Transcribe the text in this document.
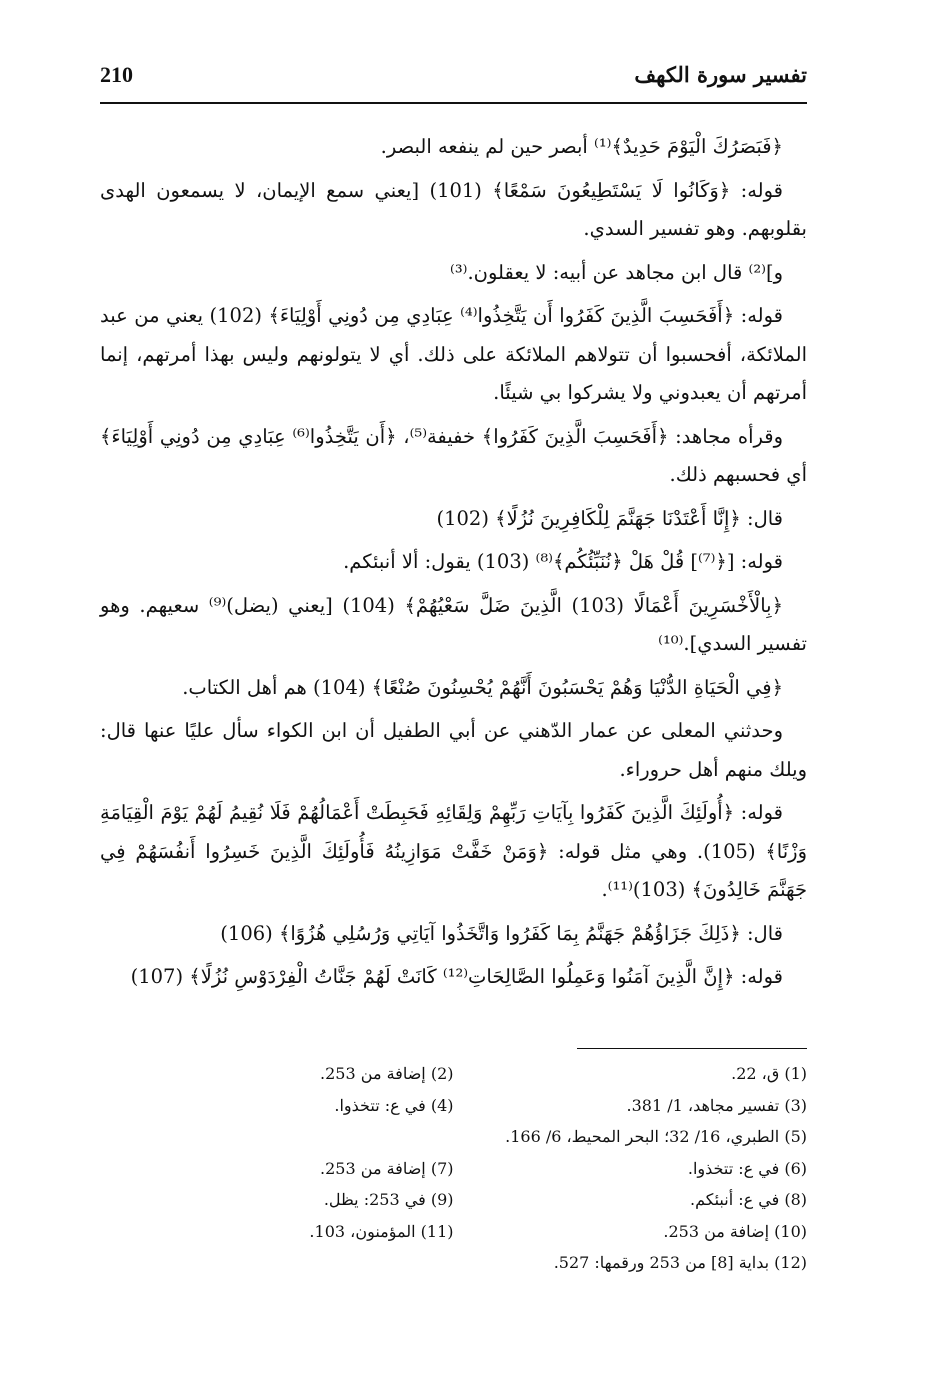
تفسير سورة الكهف
210

﴿فَبَصَرُكَ الْيَوْمَ حَدِيدٌ﴾⁽¹⁾ أبصر حين لم ينفعه البصر.

قوله: ﴿وَكَانُوا لَا يَسْتَطِيعُونَ سَمْعًا﴾ (101) [يعني سمع الإيمان، لا يسمعون الهدى بقلوبهم. وهو تفسير السدي.

و]⁽²⁾ قال ابن مجاهد عن أبيه: لا يعقلون.⁽³⁾

قوله: ﴿أَفَحَسِبَ الَّذِينَ كَفَرُوا أَن يَتَّخِذُوا⁽⁴⁾ عِبَادِي مِن دُونِي أَوْلِيَاءَ﴾ (102) يعني من عبد الملائكة، أفحسبوا أن تتولاهم الملائكة على ذلك. أي لا يتولونهم وليس بهذا أمرتهم، إنما أمرتهم أن يعبدوني ولا يشركوا بي شيئًا.

وقرأه مجاهد: ﴿أَفَحَسِبَ الَّذِينَ كَفَرُوا﴾ خفيفة⁽⁵⁾، ﴿أَن يَتَّخِذُوا⁽⁶⁾ عِبَادِي مِن دُونِي أَوْلِيَاءَ﴾ أي فحسبهم ذلك.

قال: ﴿إِنَّا أَعْتَدْنَا جَهَنَّمَ لِلْكَافِرِينَ نُزُلًا﴾ (102)

قوله: [﴿⁽⁷⁾] قُلْ هَلْ ﴿نُنَبِّئُكُم﴾⁽⁸⁾ (103) يقول: ألا أنبئكم.

﴿بِالْأَخْسَرِينَ أَعْمَالًا (103) الَّذِينَ ضَلَّ سَعْيُهُمْ﴾ (104) [يعني (يضل)⁽⁹⁾ سعيهم. وهو تفسير السدي].⁽¹⁰⁾

﴿فِي الْحَيَاةِ الدُّنْيَا وَهُمْ يَحْسَبُونَ أَنَّهُمْ يُحْسِنُونَ صُنْعًا﴾ (104) هم أهل الكتاب.

وحدثني المعلى عن عمار الدّهني عن أبي الطفيل أن ابن الكواء سأل عليًا عنها قال: ويلك منهم أهل حروراء.

قوله: ﴿أُولَئِكَ الَّذِينَ كَفَرُوا بِآيَاتِ رَبِّهِمْ وَلِقَائِهِ فَحَبِطَتْ أَعْمَالُهُمْ فَلَا نُقِيمُ لَهُمْ يَوْمَ الْقِيَامَةِ وَزْنًا﴾ (105). وهي مثل قوله: ﴿وَمَنْ خَفَّتْ مَوَازِينُهُ فَأُولَئِكَ الَّذِينَ خَسِرُوا أَنفُسَهُمْ فِي جَهَنَّمَ خَالِدُونَ﴾ (103)⁽¹¹⁾.

قال: ﴿ذَلِكَ جَزَاؤُهُمْ جَهَنَّمُ بِمَا كَفَرُوا وَاتَّخَذُوا آيَاتِي وَرُسُلِي هُزُوًا﴾ (106)

قوله: ﴿إِنَّ الَّذِينَ آمَنُوا وَعَمِلُوا الصَّالِحَاتِ⁽¹²⁾ كَانَتْ لَهُمْ جَنَّاتُ الْفِرْدَوْسِ نُزُلًا﴾ (107)

(1) ق، 22.
(2) إضافة من 253.
(3) تفسير مجاهد، 1/ 381.
(4) في ع: تتخذوا.
(5) الطبري، 16/ 32؛ البحر المحيط، 6/ 166.
(6) في ع: تتخذوا.
(7) إضافة من 253.
(8) في ع: أنبئكم.
(9) في 253: يظل.
(10) إضافة من 253.
(11) المؤمنون، 103.
(12) بداية [8] من 253 ورقمها: 527.
